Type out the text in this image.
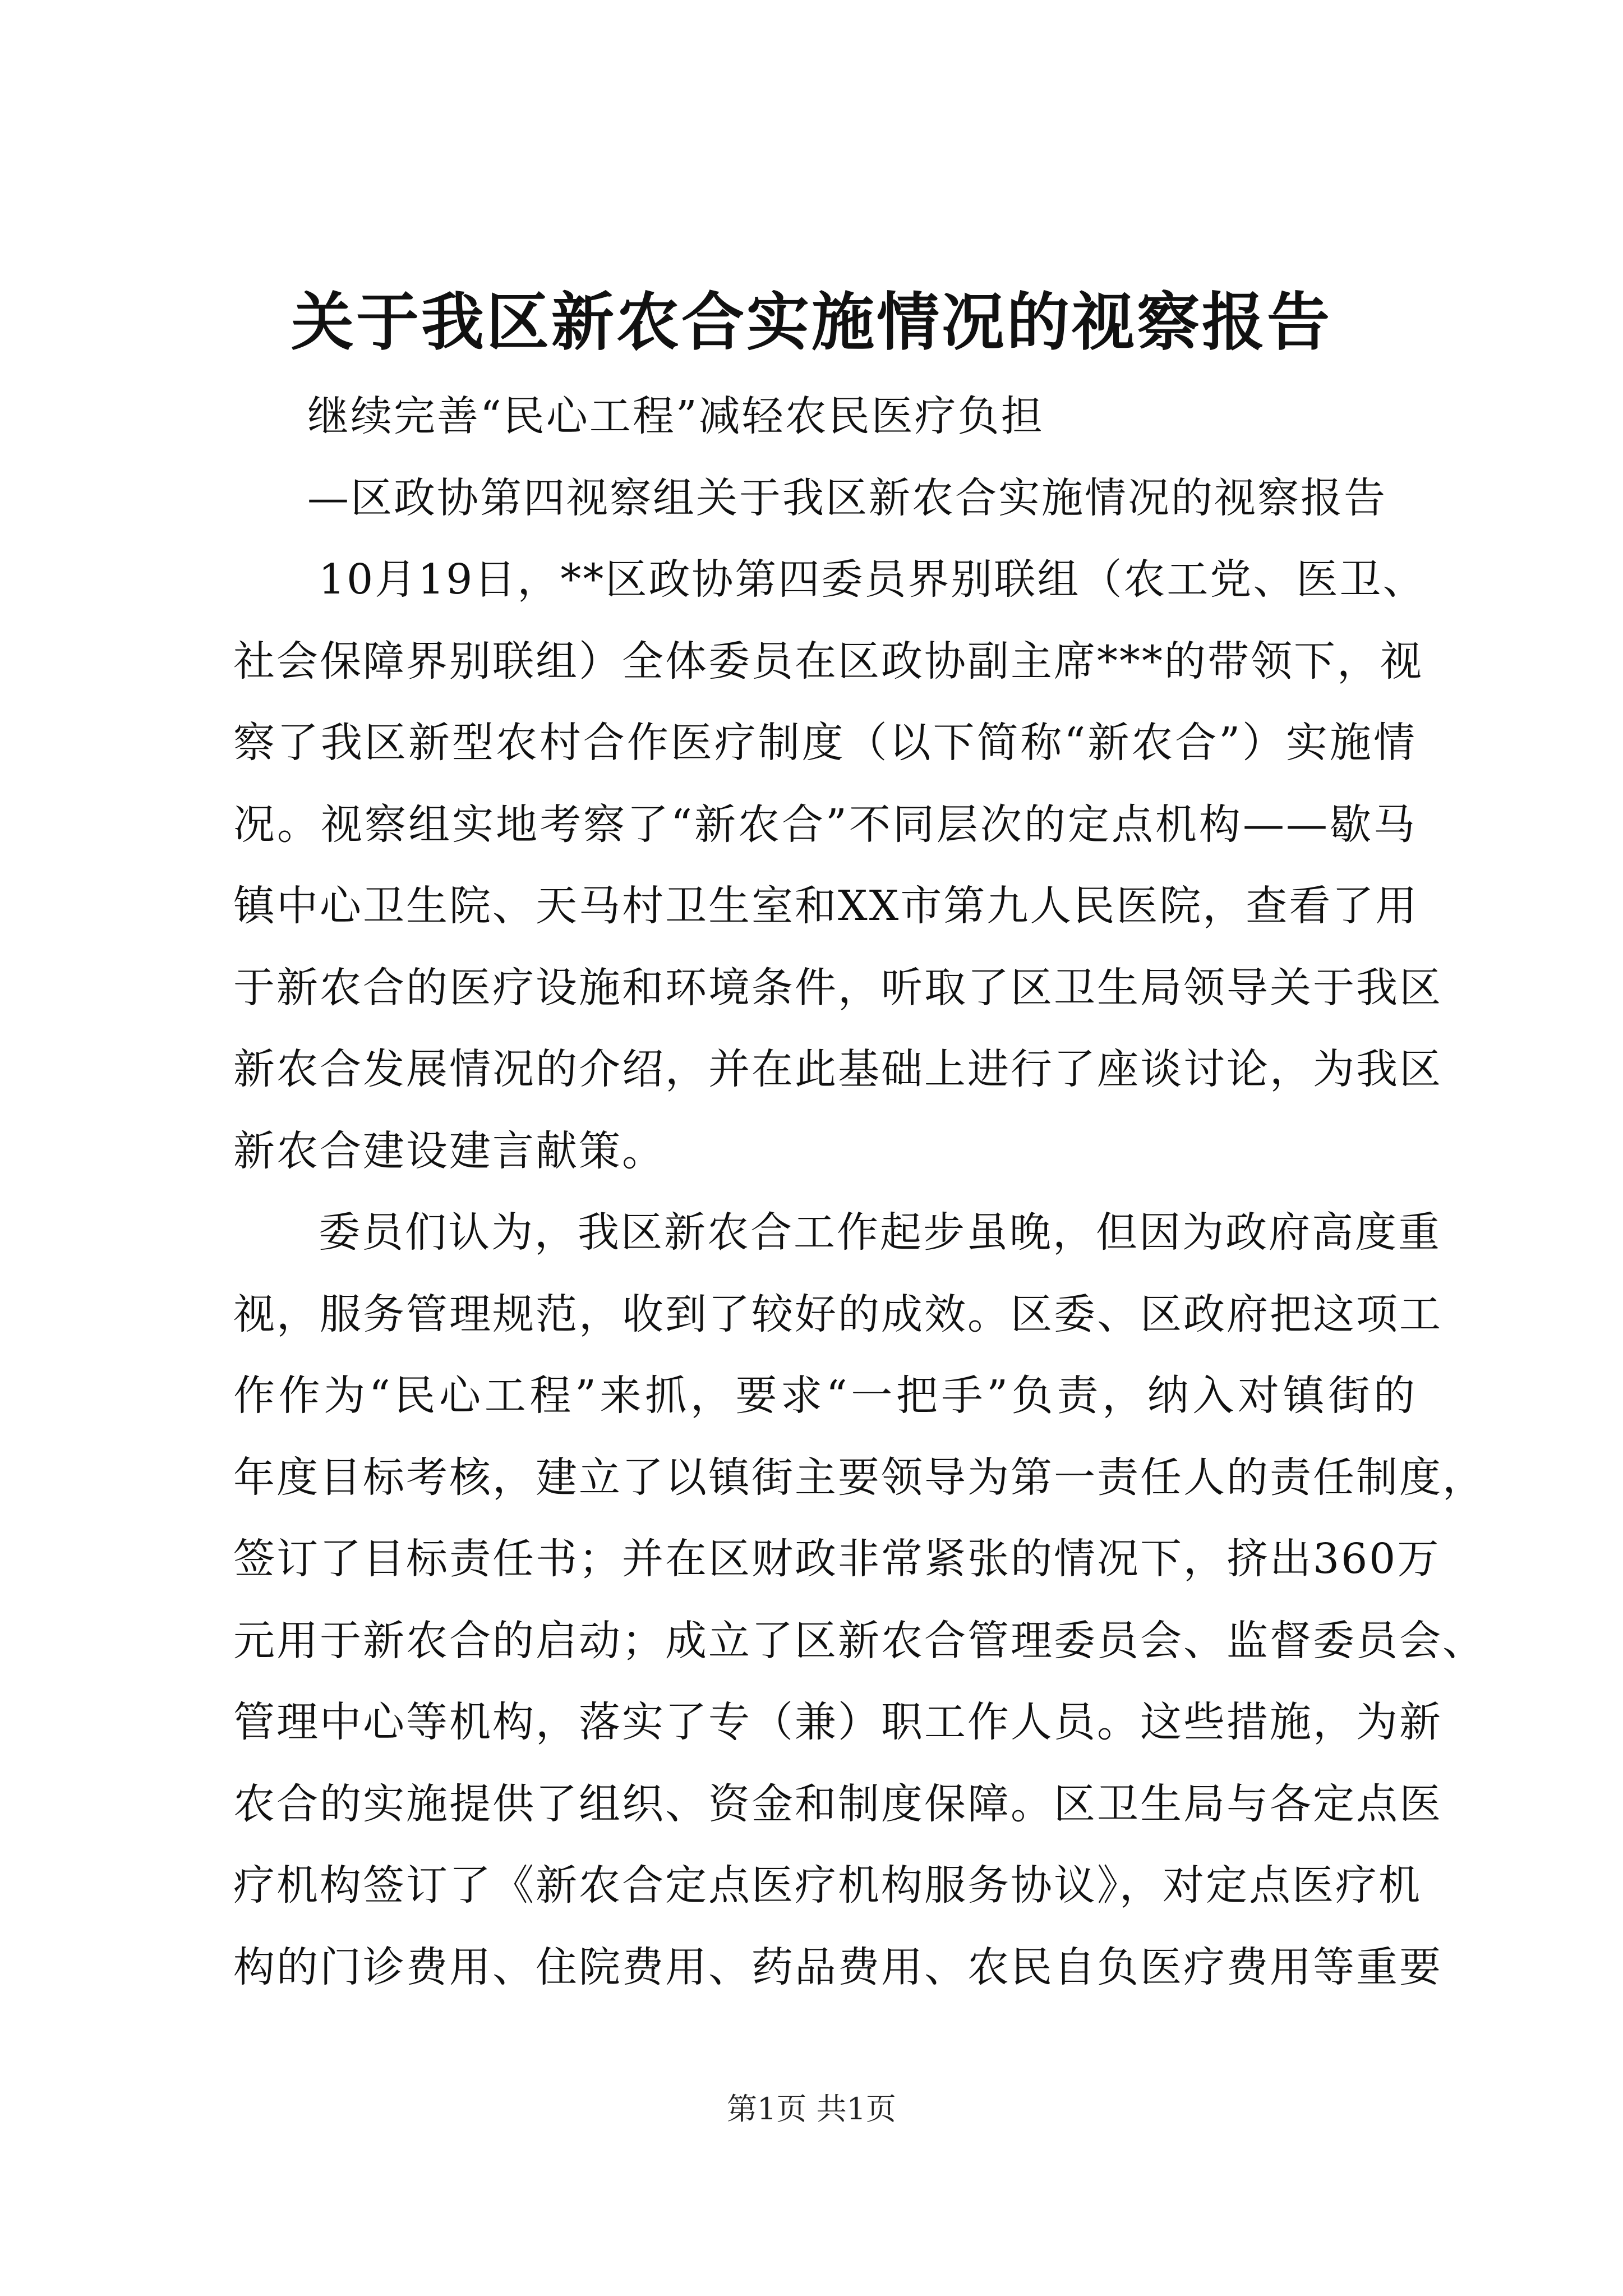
关于我区新农合实施情况的视察报告
继续完善“民心工程”减轻农民医疗负担
—区政协第四视察组关于我区新农合实施情况的视察报告
10月19日，**区政协第四委员界别联组（农工党、医卫、
社会保障界别联组）全体委员在区政协副主席***的带领下，视
察了我区新型农村合作医疗制度（以下简称“新农合”）实施情
况。视察组实地考察了“新农合”不同层次的定点机构——歇马
镇中心卫生院、天马村卫生室和XX市第九人民医院，查看了用
于新农合的医疗设施和环境条件，听取了区卫生局领导关于我区
新农合发展情况的介绍，并在此基础上进行了座谈讨论，为我区
新农合建设建言献策。
委员们认为，我区新农合工作起步虽晚，但因为政府高度重
视，服务管理规范，收到了较好的成效。区委、区政府把这项工
作作为“民心工程”来抓，要求“一把手”负责，纳入对镇街的
年度目标考核，建立了以镇街主要领导为第一责任人的责任制度，
签订了目标责任书；并在区财政非常紧张的情况下，挤出360万
元用于新农合的启动；成立了区新农合管理委员会、监督委员会、
管理中心等机构，落实了专（兼）职工作人员。这些措施，为新
农合的实施提供了组织、资金和制度保障。区卫生局与各定点医
疗机构签订了《新农合定点医疗机构服务协议》，对定点医疗机
构的门诊费用、住院费用、药品费用、农民自负医疗费用等重要
第1页 共1页
